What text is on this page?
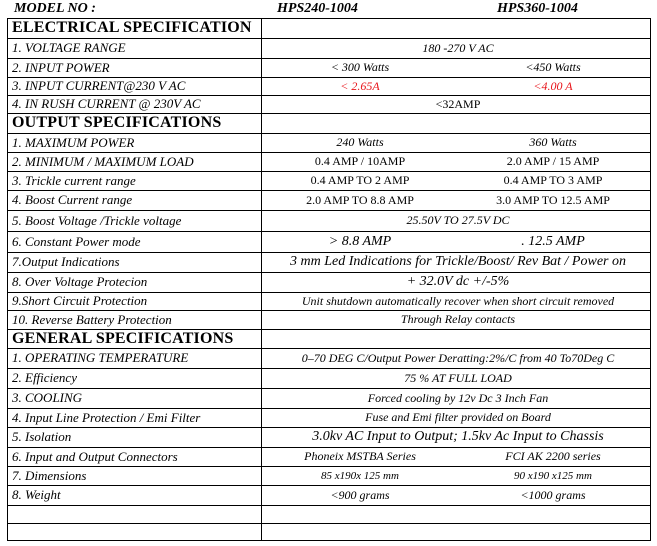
MODEL NO :	HPS240-1004	HPS360-1004
ELECTRICAL SPECIFICATION
1. VOLTAGE RANGE	180 -270 V AC
2. INPUT POWER	< 300 Watts	<450 Watts
3. INPUT CURRENT@230 V AC	< 2.65A	<4.00 A
4. IN RUSH CURRENT @ 230V AC	<32AMP
OUTPUT SPECIFICATIONS
1. MAXIMUM POWER	240 Watts	360 Watts
2. MINIMUM / MAXIMUM LOAD	0.4 AMP / 10AMP	2.0 AMP / 15 AMP
3. Trickle current range	0.4 AMP TO 2 AMP	0.4 AMP TO 3 AMP
4. Boost Current range	2.0 AMP TO 8.8 AMP	3.0 AMP TO 12.5 AMP
5. Boost Voltage /Trickle voltage	25.50V TO 27.5V DC
6. Constant Power mode	> 8.8 AMP	. 12.5 AMP
7.Output Indications	3 mm Led Indications for Trickle/Boost/ Rev Bat / Power on
8. Over Voltage Protecion	+ 32.0V dc +/-5%
9.Short Circuit Protection	Unit shutdown automatically recover when short circuit removed
10. Reverse Battery Protection	Through Relay contacts
GENERAL SPECIFICATIONS
1. OPERATING TEMPERATURE	0–70 DEG C/Output Power Deratting:2%/C from 40 To70Deg C
2. Efficiency	75 % AT FULL LOAD
3. COOLING	Forced cooling by 12v Dc 3 Inch Fan
4. Input Line Protection / Emi Filter	Fuse and Emi filter provided on Board
5. Isolation	3.0kv AC Input to Output; 1.5kv Ac Input to Chassis
6. Input and Output Connectors	Phoneix MSTBA Series	FCI AK 2200 series
7. Dimensions	85 x190x 125 mm	90 x190 x125 mm
8. Weight	<900 grams	<1000 grams
